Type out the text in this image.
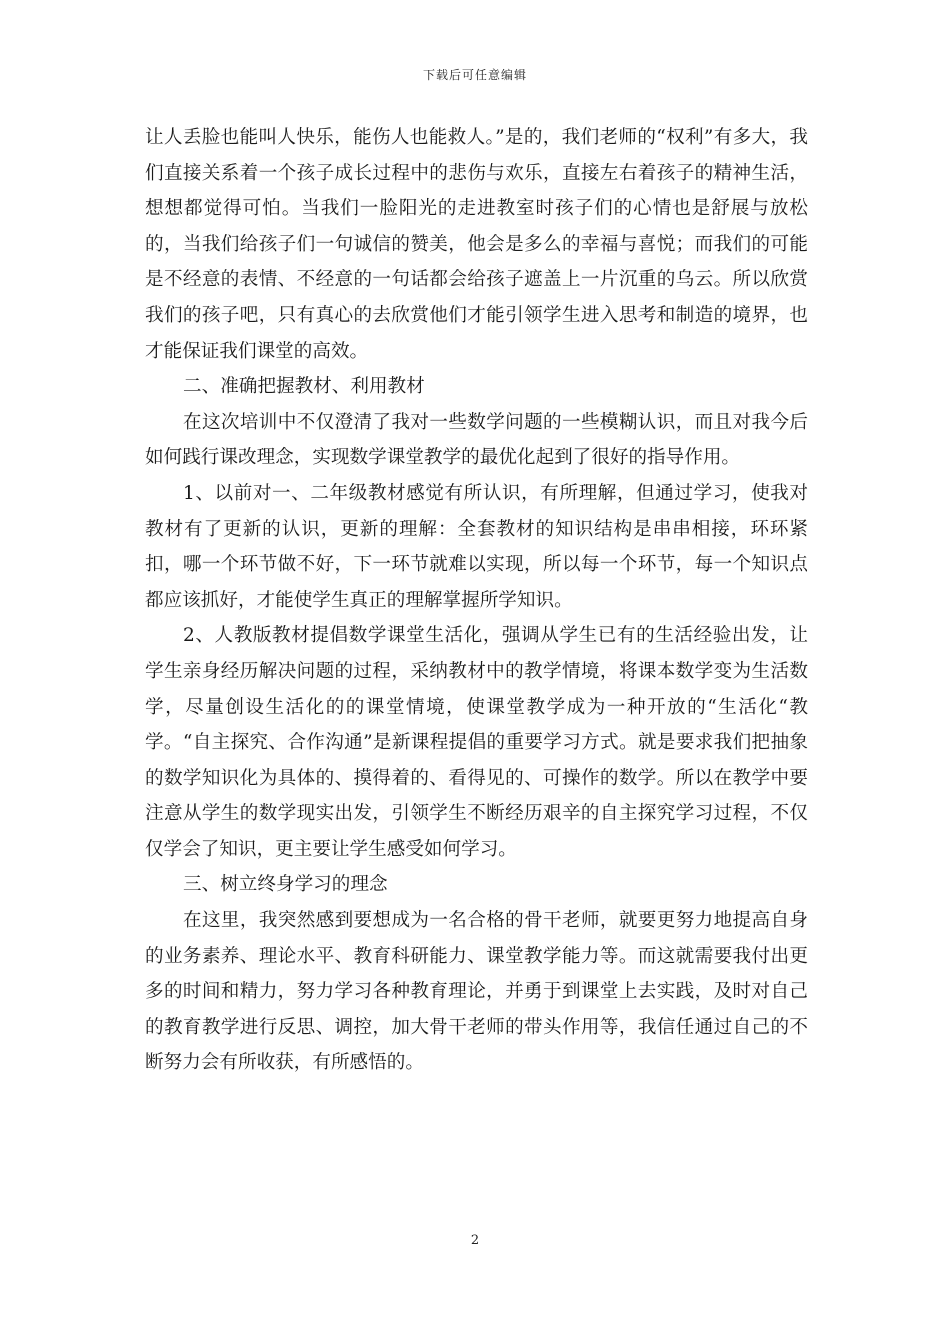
下载后可任意编辑

让人丢脸也能叫人快乐，能伤人也能救人。”是的，我们老师的“权利”有多大，我们直接关系着一个孩子成长过程中的悲伤与欢乐，直接左右着孩子的精神生活，想想都觉得可怕。当我们一脸阳光的走进教室时孩子们的心情也是舒展与放松的，当我们给孩子们一句诚信的赞美，他会是多么的幸福与喜悦；而我们的可能是不经意的表情、不经意的一句话都会给孩子遮盖上一片沉重的乌云。所以欣赏我们的孩子吧，只有真心的去欣赏他们才能引领学生进入思考和制造的境界，也才能保证我们课堂的高效。

二、准确把握教材、利用教材

在这次培训中不仅澄清了我对一些数学问题的一些模糊认识，而且对我今后如何践行课改理念，实现数学课堂教学的最优化起到了很好的指导作用。

1、以前对一、二年级教材感觉有所认识，有所理解，但通过学习，使我对教材有了更新的认识，更新的理解：全套教材的知识结构是串串相接，环环紧扣，哪一个环节做不好，下一环节就难以实现，所以每一个环节，每一个知识点都应该抓好，才能使学生真正的理解掌握所学知识。

2、人教版教材提倡数学课堂生活化，强调从学生已有的生活经验出发，让学生亲身经历解决问题的过程，采纳教材中的教学情境，将课本数学变为生活数学，尽量创设生活化的的课堂情境，使课堂教学成为一种开放的“生活化“教学。“自主探究、合作沟通”是新课程提倡的重要学习方式。就是要求我们把抽象的数学知识化为具体的、摸得着的、看得见的、可操作的数学。所以在教学中要注意从学生的数学现实出发，引领学生不断经历艰辛的自主探究学习过程，不仅仅学会了知识，更主要让学生感受如何学习。

三、树立终身学习的理念

在这里，我突然感到要想成为一名合格的骨干老师，就要更努力地提高自身的业务素养、理论水平、教育科研能力、课堂教学能力等。而这就需要我付出更多的时间和精力，努力学习各种教育理论，并勇于到课堂上去实践，及时对自己的教育教学进行反思、调控，加大骨干老师的带头作用等，我信任通过自己的不断努力会有所收获，有所感悟的。

2
